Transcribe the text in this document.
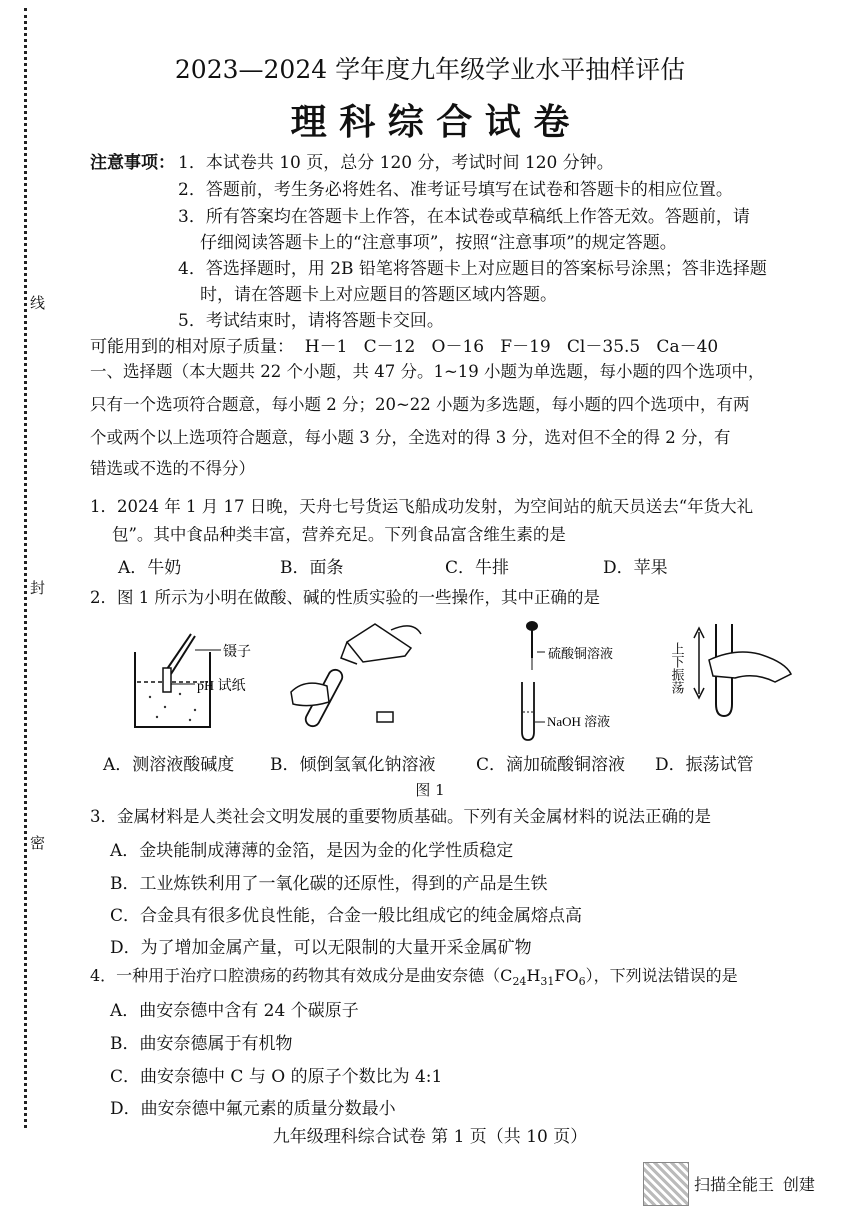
线
封
密
2023—2024 学年度九年级学业水平抽样评估
理 科 综 合 试 卷
注意事项： 1．本试卷共 10 页，总分 120 分，考试时间 120 分钟。
2．答题前，考生务必将姓名、准考证号填写在试卷和答题卡的相应位置。
3．所有答案均在答题卡上作答，在本试卷或草稿纸上作答无效。答题前，请
仔细阅读答题卡上的“注意事项”，按照“注意事项”的规定答题。
4．答选择题时，用 2B 铅笔将答题卡上对应题目的答案标号涂黑；答非选择题
时，请在答题卡上对应题目的答题区域内答题。
5．考试结束时，请将答题卡交回。
可能用到的相对原子质量：  H－1   C－12   O－16   F－19   Cl－35.5   Ca－40
一、选择题（本大题共 22 个小题，共 47 分。1~19 小题为单选题，每小题的四个选项中，
只有一个选项符合题意，每小题 2 分；20~22 小题为多选题，每小题的四个选项中，有两
个或两个以上选项符合题意，每小题 3 分，全选对的得 3 分，选对但不全的得 2 分，有
错选或不选的不得分）
1．2024 年 1 月 17 日晚，天舟七号货运飞船成功发射，为空间站的航天员送去“年货大礼
包”。其中食品种类丰富，营养充足。下列食品富含维生素的是
A．牛奶	B．面条	C．牛排	D．苹果
2．图 1 所示为小明在做酸、碱的性质实验的一些操作，其中正确的是
镊子
pH 试纸
硫酸铜溶液
NaOH 溶液
上下振荡
A．测溶液酸碱度 B．倾倒氢氧化钠溶液 C．滴加硫酸铜溶液 D．振荡试管
图 1
3．金属材料是人类社会文明发展的重要物质基础。下列有关金属材料的说法正确的是
A．金块能制成薄薄的金箔，是因为金的化学性质稳定
B．工业炼铁利用了一氧化碳的还原性，得到的产品是生铁
C．合金具有很多优良性能，合金一般比组成它的纯金属熔点高
D．为了增加金属产量，可以无限制的大量开采金属矿物
4．一种用于治疗口腔溃疡的药物其有效成分是曲安奈德$(C_{24}H_{31}FO_6)$，下列说法错误的是
A．曲安奈德中含有 24 个碳原子
B．曲安奈德属于有机物
C．曲安奈德中 C 与 O 的原子个数比为 4:1
D．曲安奈德中氟元素的质量分数最小
九年级理科综合试卷 第 1 页（共 10 页）
扫描全能王  创建
